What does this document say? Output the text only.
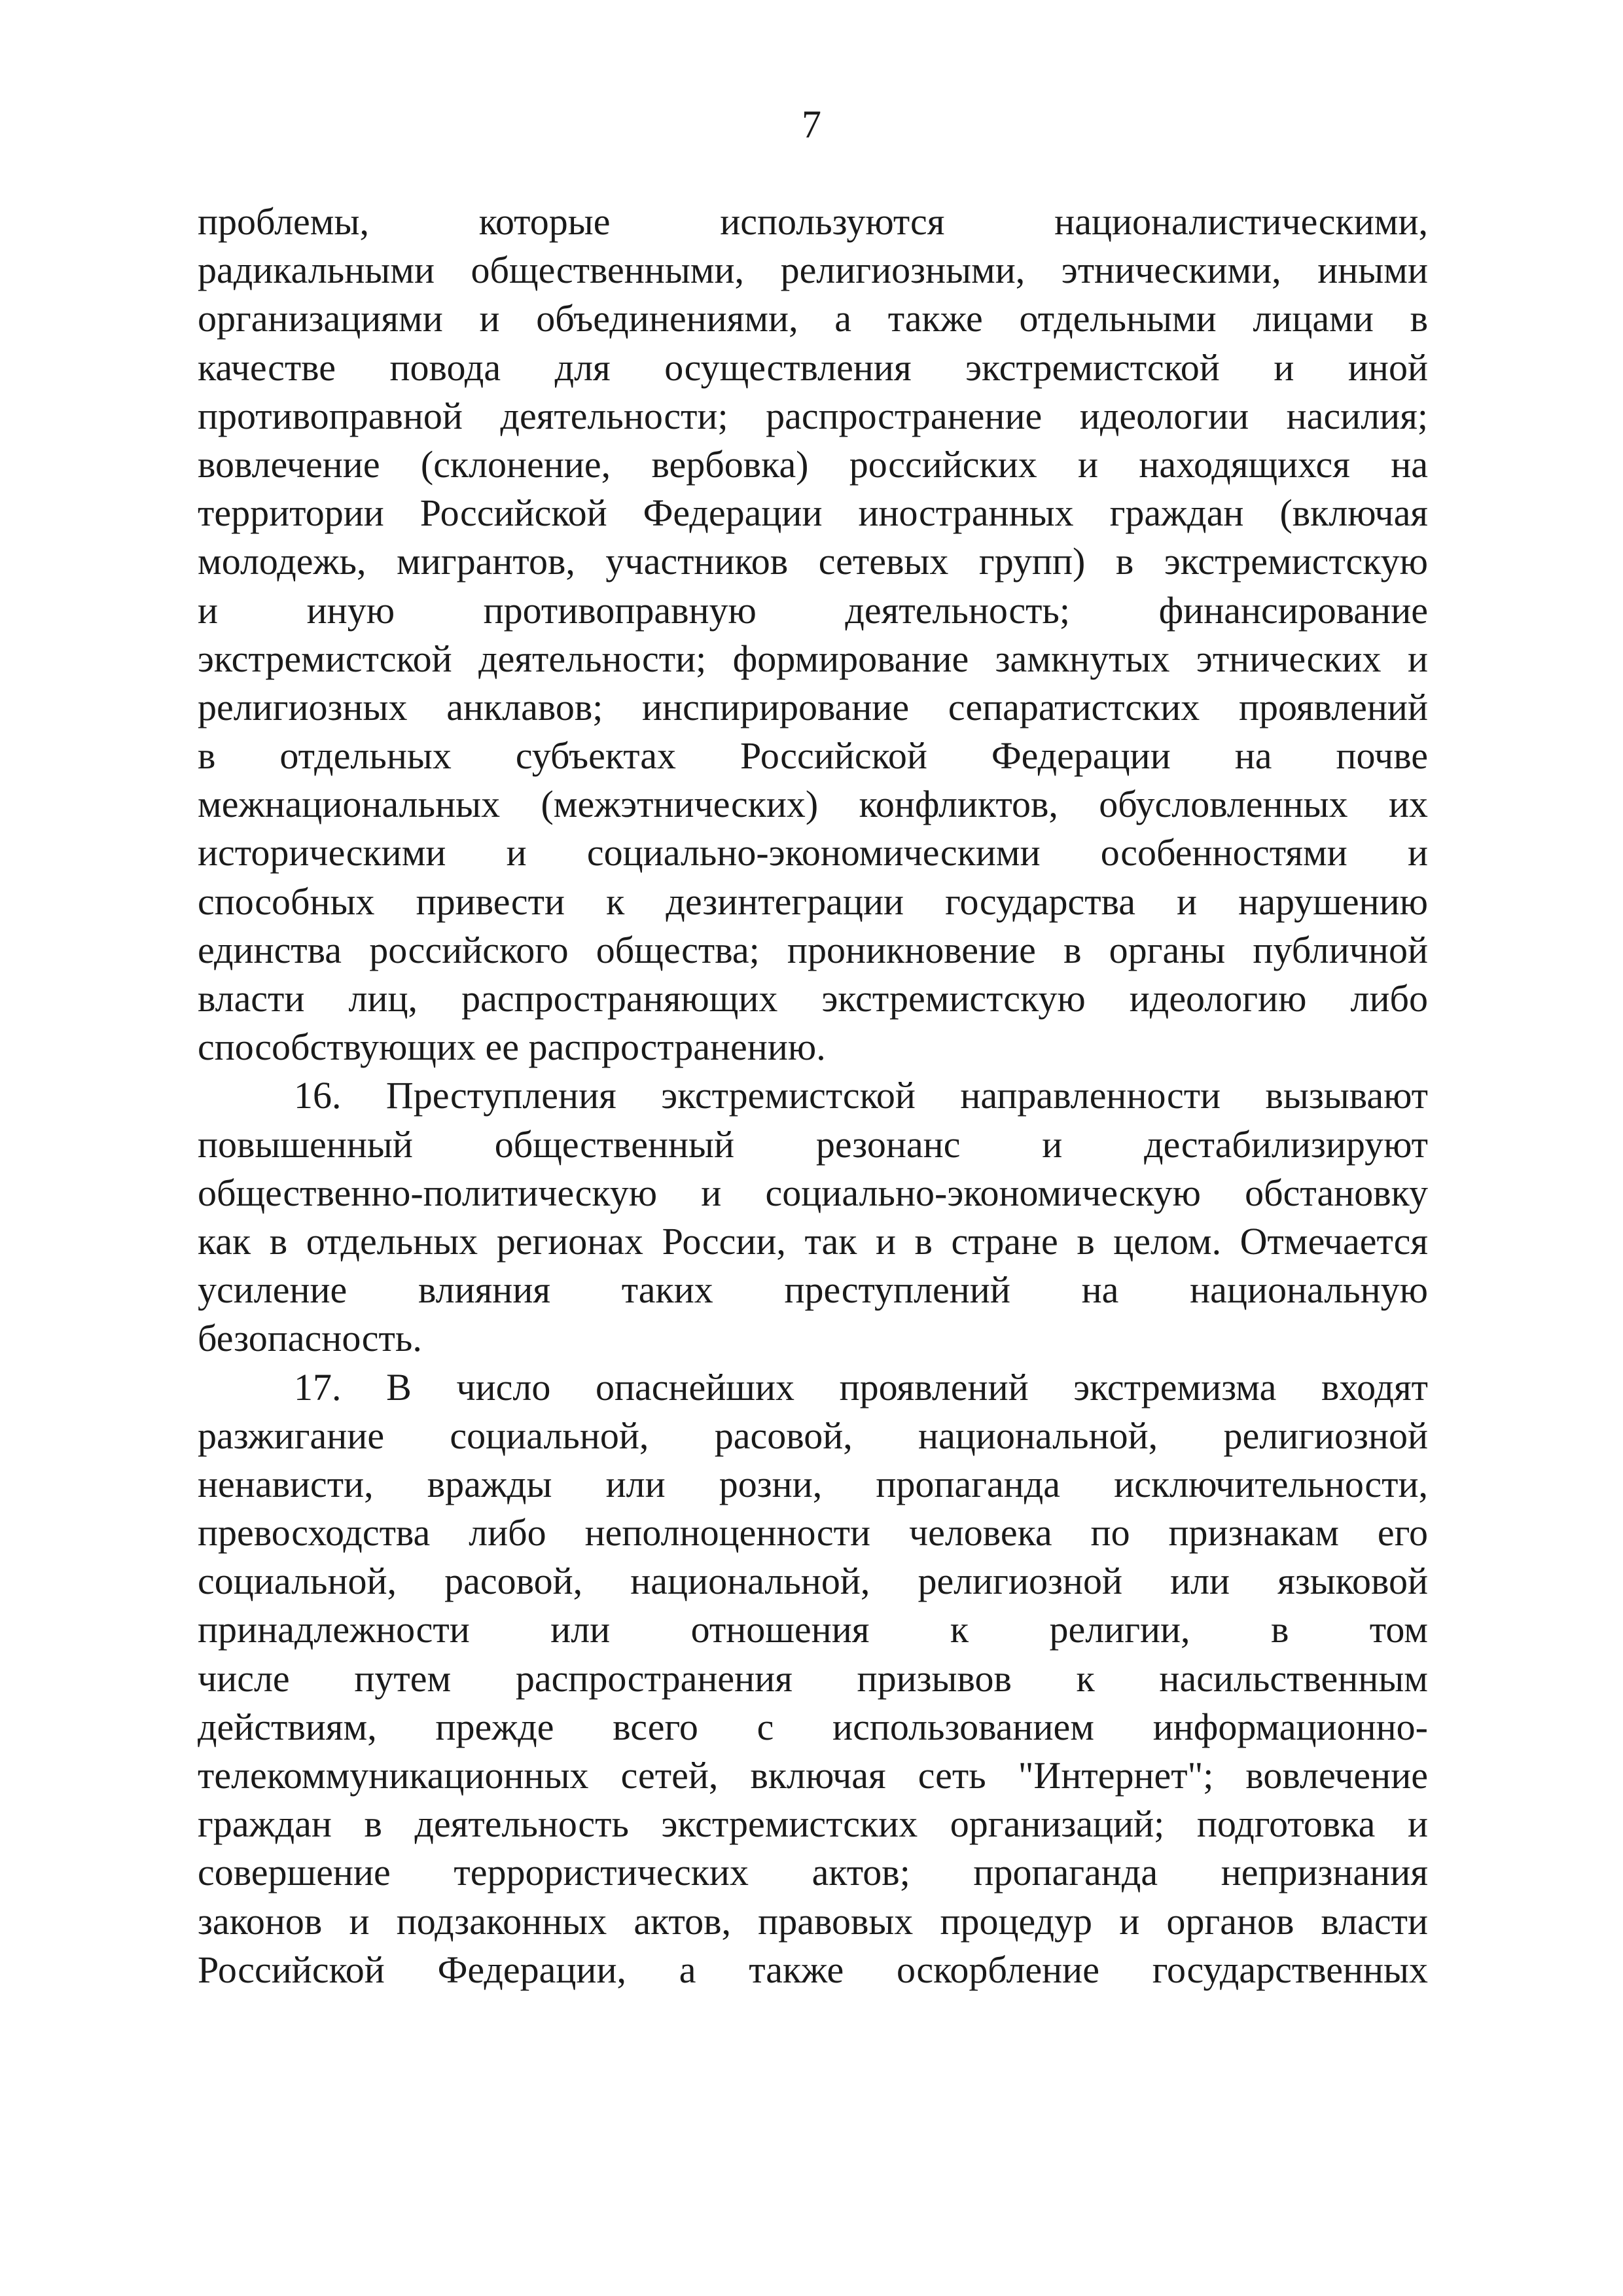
7
проблемы, которые используются националистическими,
радикальными общественными, религиозными, этническими, иными
организациями и объединениями, а также отдельными лицами в
качестве повода для осуществления экстремистской и иной
противоправной деятельности; распространение идеологии насилия;
вовлечение (склонение, вербовка) российских и находящихся на
территории Российской Федерации иностранных граждан (включая
молодежь, мигрантов, участников сетевых групп) в экстремистскую
и иную противоправную деятельность; финансирование
экстремистской деятельности; формирование замкнутых этнических и
религиозных анклавов; инспирирование сепаратистских проявлений
в отдельных субъектах Российской Федерации на почве
межнациональных (межэтнических) конфликтов, обусловленных их
историческими и социально-экономическими особенностями и
способных привести к дезинтеграции государства и нарушению
единства российского общества; проникновение в органы публичной
власти лиц, распространяющих экстремистскую идеологию либо
способствующих ее распространению.
16. Преступления экстремистской направленности вызывают
повышенный общественный резонанс и дестабилизируют
общественно-политическую и социально-экономическую обстановку
как в отдельных регионах России, так и в стране в целом. Отмечается
усиление влияния таких преступлений на национальную
безопасность.
17. В число опаснейших проявлений экстремизма входят
разжигание социальной, расовой, национальной, религиозной
ненависти, вражды или розни, пропаганда исключительности,
превосходства либо неполноценности человека по признакам его
социальной, расовой, национальной, религиозной или языковой
принадлежности или отношения к религии, в том
числе путем распространения призывов к насильственным
действиям, прежде всего с использованием информационно-
телекоммуникационных сетей, включая сеть "Интернет"; вовлечение
граждан в деятельность экстремистских организаций; подготовка и
совершение террористических актов; пропаганда непризнания
законов и подзаконных актов, правовых процедур и органов власти
Российской Федерации, а также оскорбление государственных
